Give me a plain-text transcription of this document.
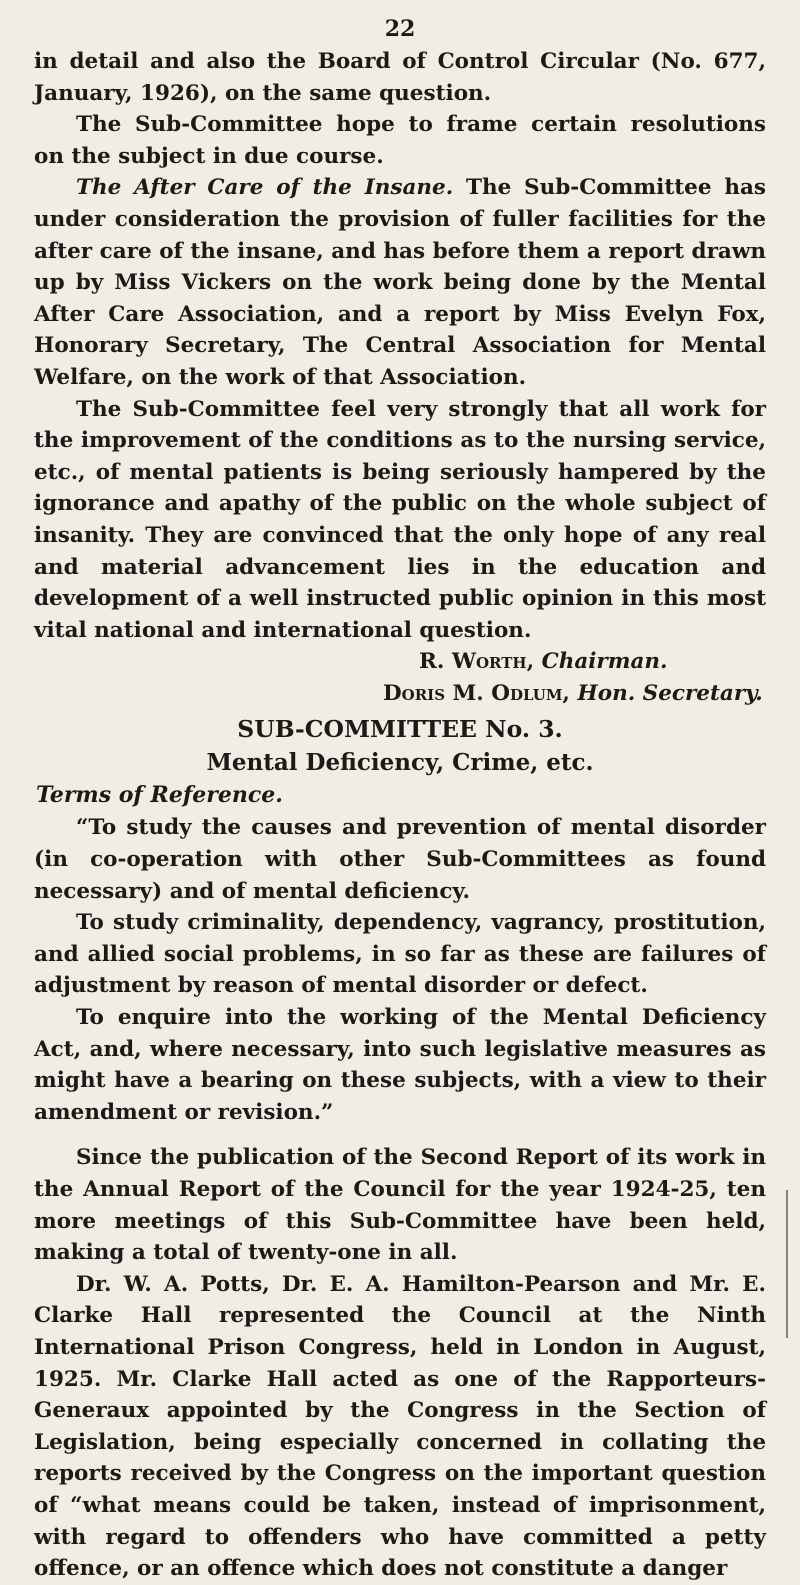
22

in detail and also the Board of Control Circular (No. 677, January, 1926), on the same question.

The Sub-Committee hope to frame certain resolutions on the subject in due course.

The After Care of the Insane. The Sub-Committee has under consideration the provision of fuller facilities for the after care of the insane, and has before them a report drawn up by Miss Vickers on the work being done by the Mental After Care Association, and a report by Miss Evelyn Fox, Honorary Secretary, The Central Association for Mental Welfare, on the work of that Association.

The Sub-Committee feel very strongly that all work for the improvement of the conditions as to the nursing service, etc., of mental patients is being seriously hampered by the ignorance and apathy of the public on the whole subject of insanity. They are convinced that the only hope of any real and material advancement lies in the education and development of a well instructed public opinion in this most vital national and international question.

R. Worth, Chairman.
Doris M. Odlum, Hon. Secretary.
SUB-COMMITTEE No. 3.
Mental Deficiency, Crime, etc.
Terms of Reference.

“To study the causes and prevention of mental disorder (in co-operation with other Sub-Committees as found necessary) and of mental deficiency.

To study criminality, dependency, vagrancy, prostitution, and allied social problems, in so far as these are failures of adjustment by reason of mental disorder or defect.

To enquire into the working of the Mental Deficiency Act, and, where necessary, into such legislative measures as might have a bearing on these subjects, with a view to their amendment or revision.”

Since the publication of the Second Report of its work in the Annual Report of the Council for the year 1924-25, ten more meetings of this Sub-Committee have been held, making a total of twenty-one in all.

Dr. W. A. Potts, Dr. E. A. Hamilton-Pearson and Mr. E. Clarke Hall represented the Council at the Ninth International Prison Congress, held in London in August, 1925. Mr. Clarke Hall acted as one of the Rapporteurs-Generaux appointed by the Congress in the Section of Legislation, being especially concerned in collating the reports received by the Congress on the important question of “what means could be taken, instead of imprisonment, with regard to offenders who have committed a petty offence, or an offence which does not constitute a danger
